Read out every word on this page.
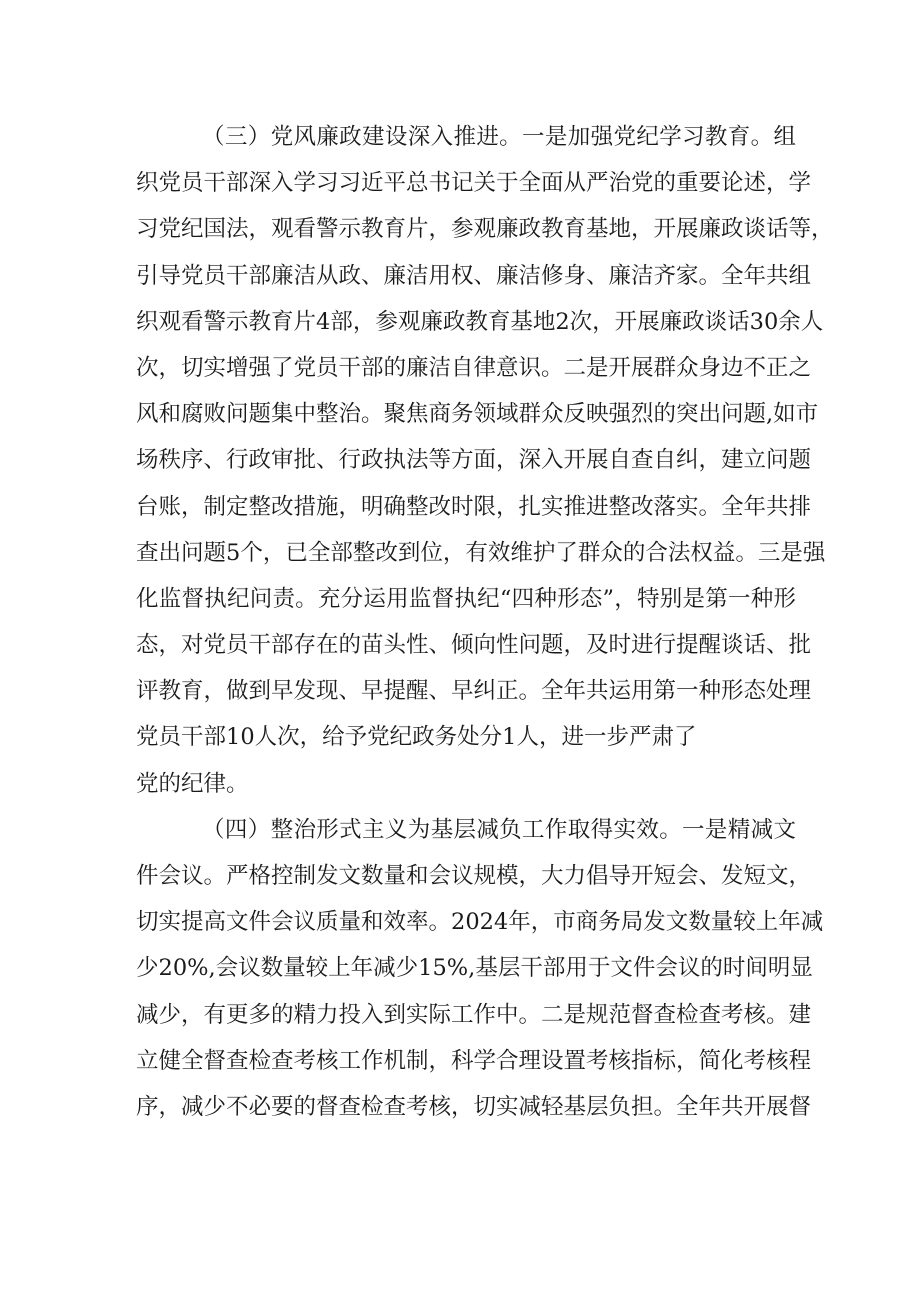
（三）党风廉政建设深入推进。一是加强党纪学习教育。组
织党员干部深入学习习近平总书记关于全面从严治党的重要论述，学
习党纪国法，观看警示教育片，参观廉政教育基地，开展廉政谈话等，
引导党员干部廉洁从政、廉洁用权、廉洁修身、廉洁齐家。全年共组
织观看警示教育片4部，参观廉政教育基地2次，开展廉政谈话30余人
次，切实增强了党员干部的廉洁自律意识。二是开展群众身边不正之
风和腐败问题集中整治。聚焦商务领域群众反映强烈的突出问题,如市
场秩序、行政审批、行政执法等方面，深入开展自查自纠，建立问题
台账，制定整改措施，明确整改时限，扎实推进整改落实。全年共排
查出问题5个，已全部整改到位，有效维护了群众的合法权益。三是强
化监督执纪问责。充分运用监督执纪“四种形态”，特别是第一种形
态，对党员干部存在的苗头性、倾向性问题，及时进行提醒谈话、批
评教育，做到早发现、早提醒、早纠正。全年共运用第一种形态处理
党员干部10人次，给予党纪政务处分1人，进一步严肃了
党的纪律。
（四）整治形式主义为基层减负工作取得实效。一是精减文
件会议。严格控制发文数量和会议规模，大力倡导开短会、发短文，
切实提高文件会议质量和效率。2024年，市商务局发文数量较上年减
少20%,会议数量较上年减少15%,基层干部用于文件会议的时间明显
减少，有更多的精力投入到实际工作中。二是规范督查检查考核。建
立健全督查检查考核工作机制，科学合理设置考核指标，简化考核程
序，减少不必要的督查检查考核，切实减轻基层负担。全年共开展督
